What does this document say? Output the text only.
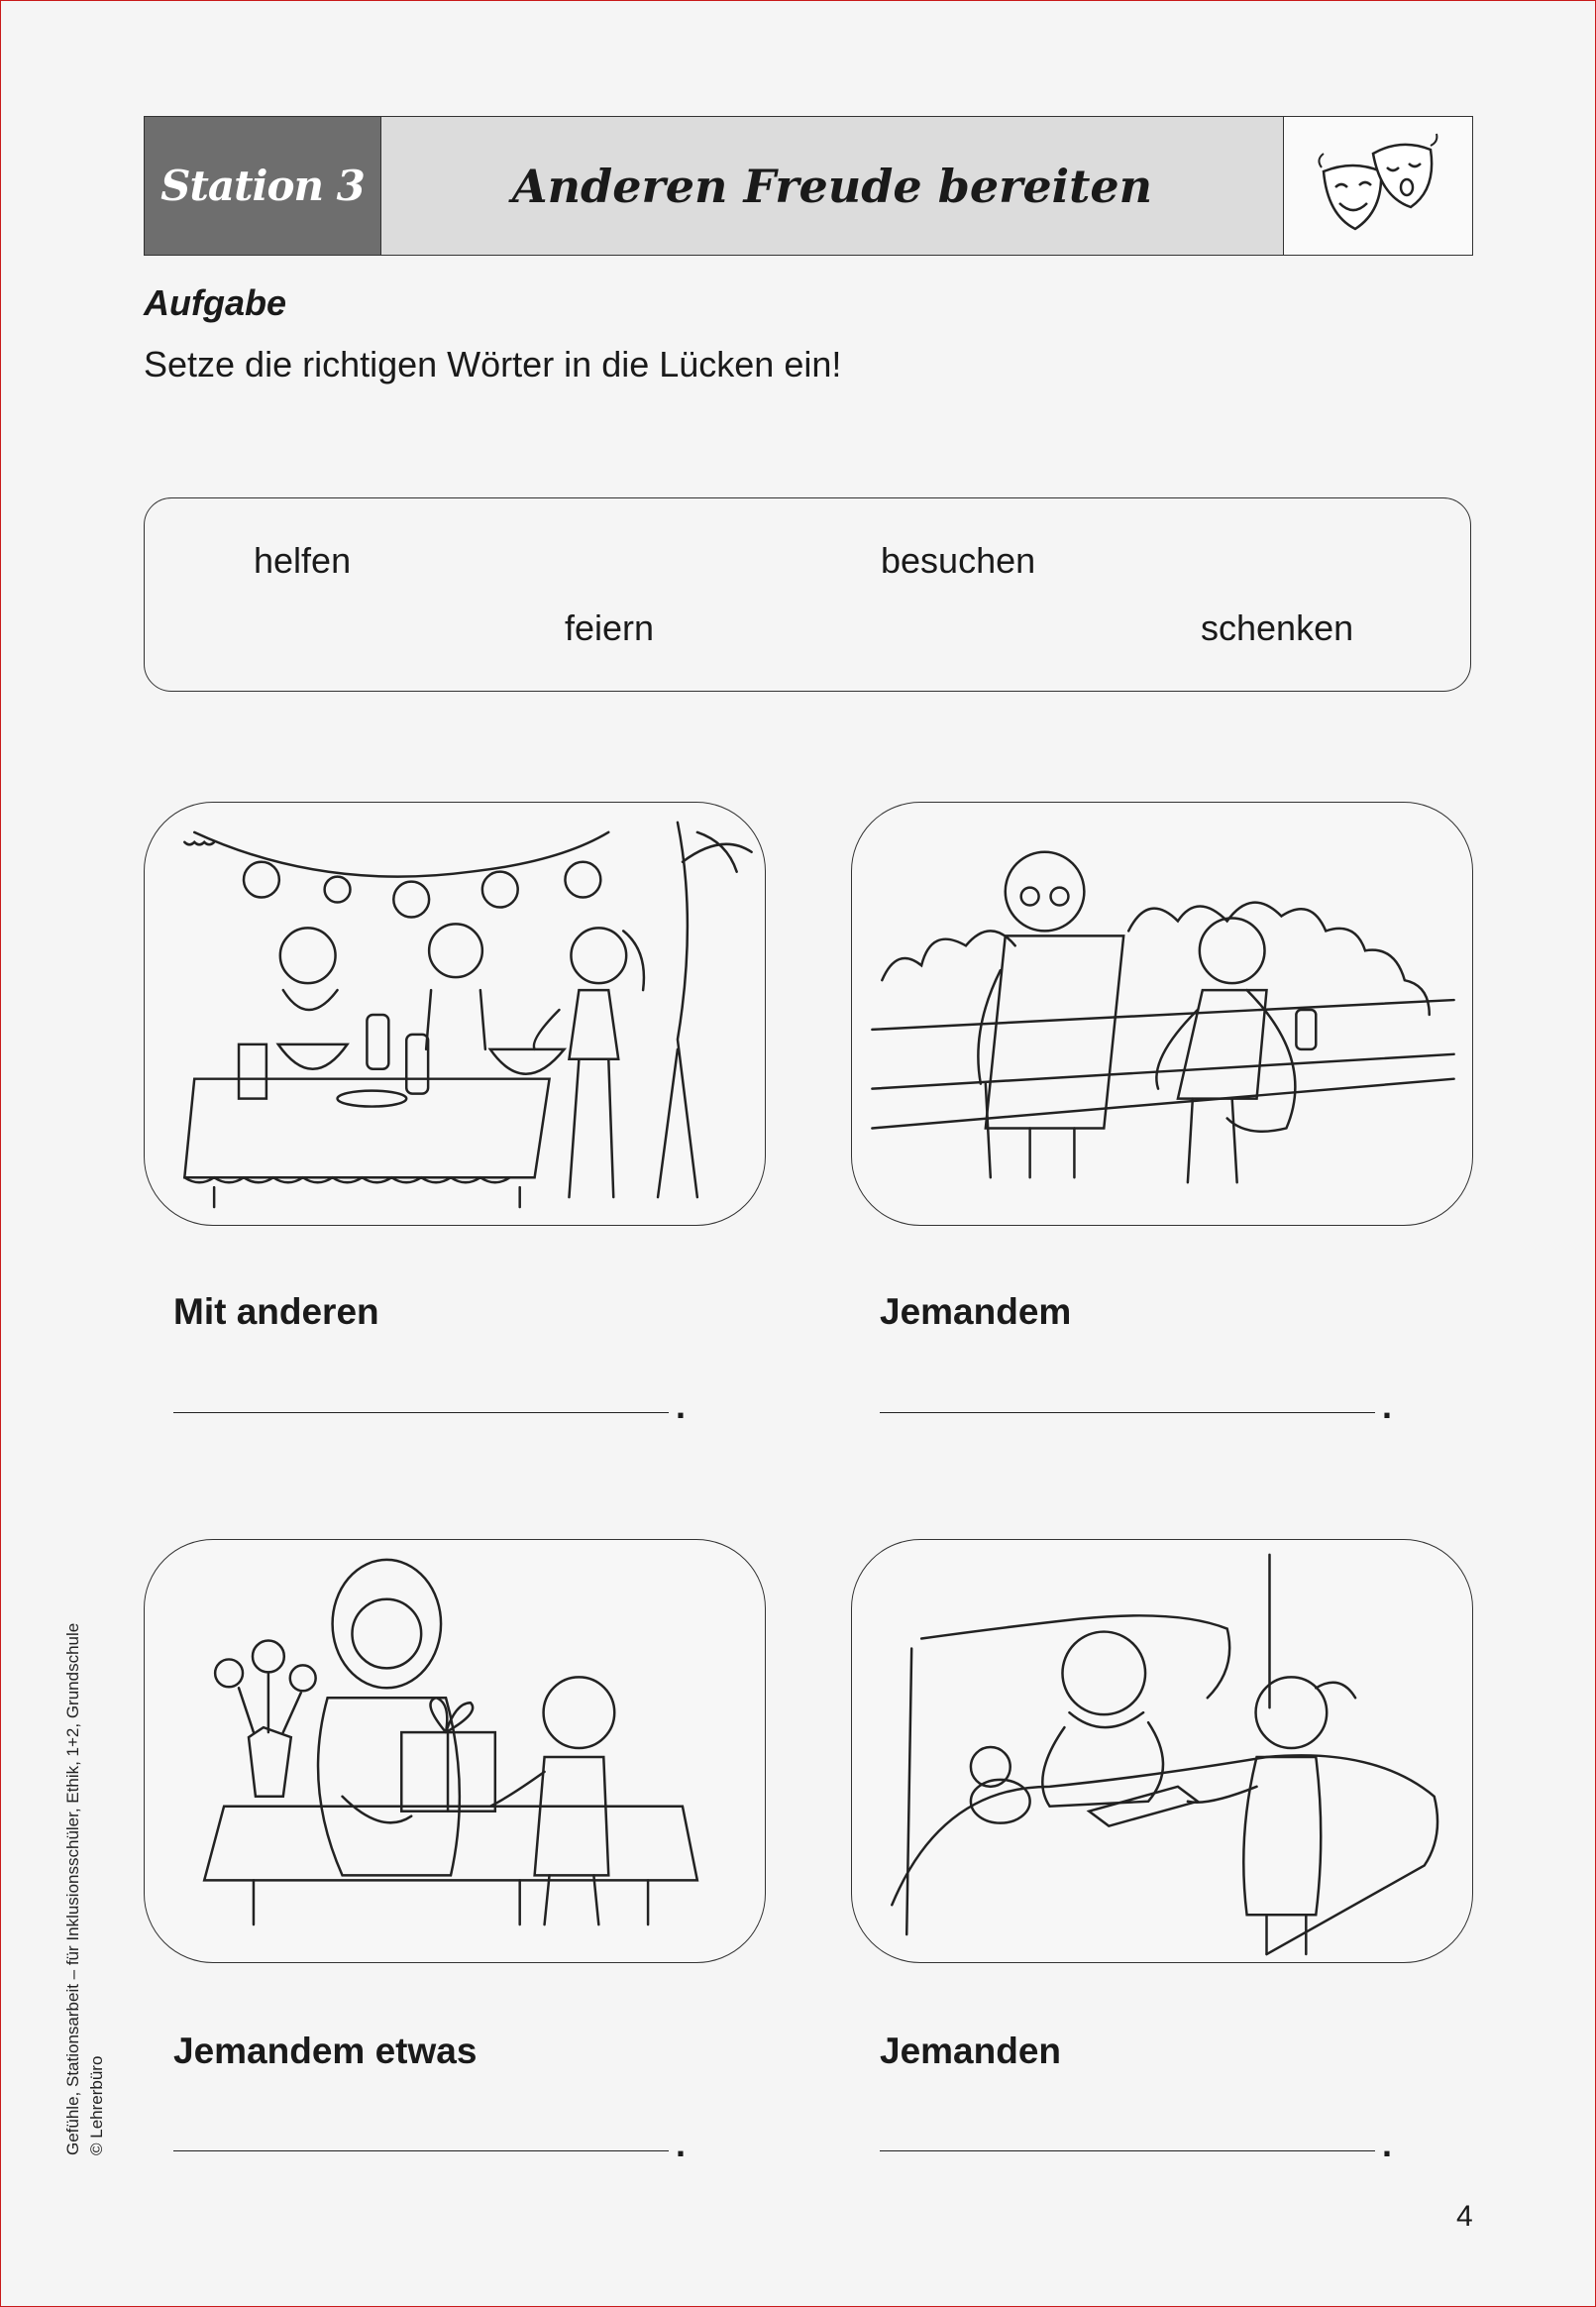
Station 3	Anderen Freude bereiten
Aufgabe
Setze die richtigen Wörter in die Lücken ein!
helfen	besuchen
feiern	schenken
Mit anderen
.
Jemandem
.
Jemandem etwas
.
Jemanden
.
Gefühle, Stationsarbeit – für Inklusionsschüler, Ethik, 1+2, Grundschule © Lehrerbüro
4
